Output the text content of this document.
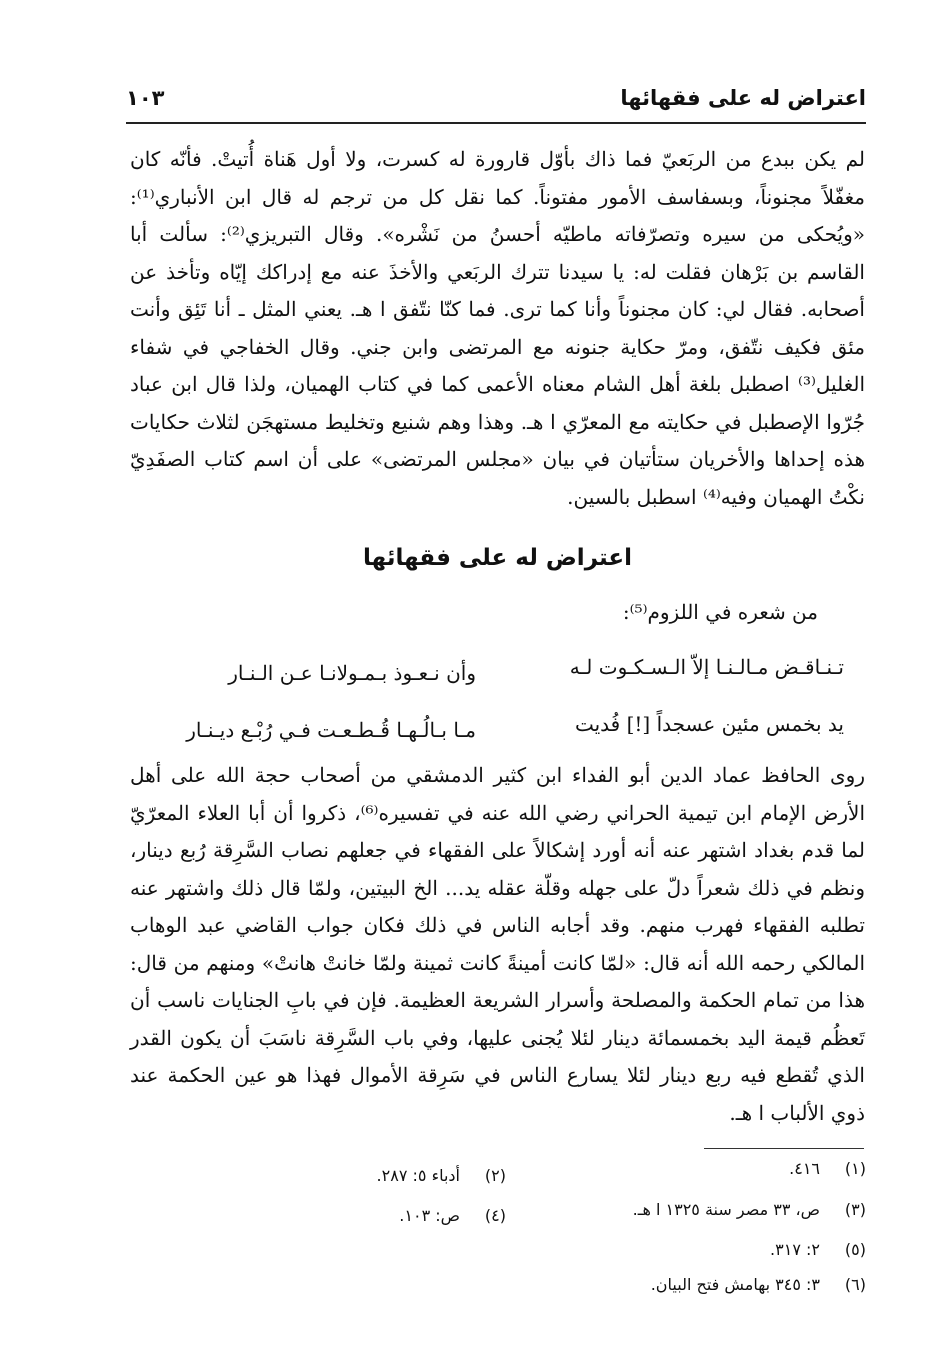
اعتراض له على فقهائها
١٠٣
لم يكن ببدع من الربَعيّ فما ذاك بأوّل قارورة له كسرت، ولا أول هَناة أُتيتْ. فأنّه كان مغفّلاً مجنوناً، وبسفاسف الأمور مفتوناً. كما نقل كل من ترجم له قال ابن الأنباري⁽¹⁾: «ويُحكى من سيره وتصرّفاته ماطيّه أحسنُ من نَشْره». وقال التبريزي⁽²⁾: سألت أبا القاسم بن بَرْهان فقلت له: يا سيدنا تترك الربَعي والأخذَ عنه مع إدراكك إيّاه وتأخذ عن أصحابه. فقال لي: كان مجنوناً وأنا كما ترى. فما كنّا نتّفق ا هـ. يعني المثل ـ أنا تَئِق وأنت مئق فكيف نتّفق، ومرّ حكاية جنونه مع المرتضى وابن جني. وقال الخفاجي في شفاء الغليل⁽³⁾ اصطبل بلغة أهل الشام معناه الأعمى كما في كتاب الهميان، ولذا قال ابن عباد جُرّوا الإصطبل في حكايته مع المعرّي ا هـ. وهذا وهم شنيع وتخليط مستهجَن لثلاث حكايات هذه إحداها والأخريان ستأتيان في بيان «مجلس المرتضى» على أن اسم كتاب الصفَدِيّ نكْتُ الهميان وفيه⁽⁴⁾ اسطبل بالسين.
اعتراض له على فقهائها
من شعره في اللزوم⁽⁵⁾:
تـنـاقـض مـالـنـا إلاّ الـسـكـوت لـه
وأن نـعـوذ بـمـولانـا عـن الـنـار
يد بخمس مئين عسجداً [!] فُديت
مـا بـالُـهـا قُـطـعـت فـي رُبْـع ديـنـار
روى الحافظ عماد الدين أبو الفداء ابن كثير الدمشقي من أصحاب حجة الله على أهل الأرض الإمام ابن تيمية الحراني رضي الله عنه في تفسيره⁽⁶⁾، ذكروا أن أبا العلاء المعرّيّ لما قدم بغداد اشتهر عنه أنه أورد إشكالاً على الفقهاء في جعلهم نصاب السَّرِقة رُبع دينار، ونظم في ذلك شعراً دلّ على جهله وقلّة عقله يد... الخ البيتين، ولمّا قال ذلك واشتهر عنه تطلبه الفقهاء فهرب منهم. وقد أجابه الناس في ذلك فكان جواب القاضي عبد الوهاب المالكي رحمه الله أنه قال: «لمّا كانت أمينةً كانت ثمينة ولمّا خانتْ هانتْ» ومنهم من قال: هذا من تمام الحكمة والمصلحة وأسرار الشريعة العظيمة. فإن في بابِ الجنايات ناسب أن تَعظُم قيمة اليد بخمسمائة دينار لئلا يُجنى عليها، وفي باب السَّرِقة ناسَبَ أن يكون القدر الذي تُقطع فيه ربع دينار لئلا يسارع الناس في سَرِقة الأموال فهذا هو عين الحكمة عند ذوي الألباب ا هـ.
(١)٤١٦.
(٢)أدباء ٥: ٢٨٧.
(٣)ص، ٣٣ مصر سنة ١٣٢٥ ا هـ.
(٤)ص: ١٠٣.
(٥)٢: ٣١٧.
(٦)٣: ٣٤٥ بهامش فتح البيان.
